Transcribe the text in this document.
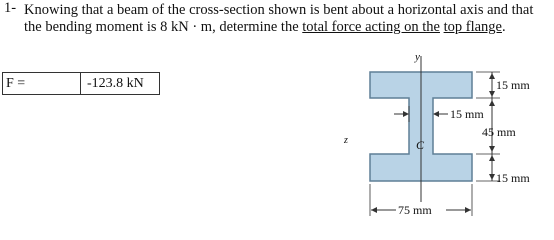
1- Knowing that a beam of the cross-section shown is bent about a horizontal axis and that
the bending moment is 8 kN · m, determine the total force acting on the top flange.
F =	-123.8 kN
y
z	C
15 mm
15 mm
45 mm
15 mm
75 mm
